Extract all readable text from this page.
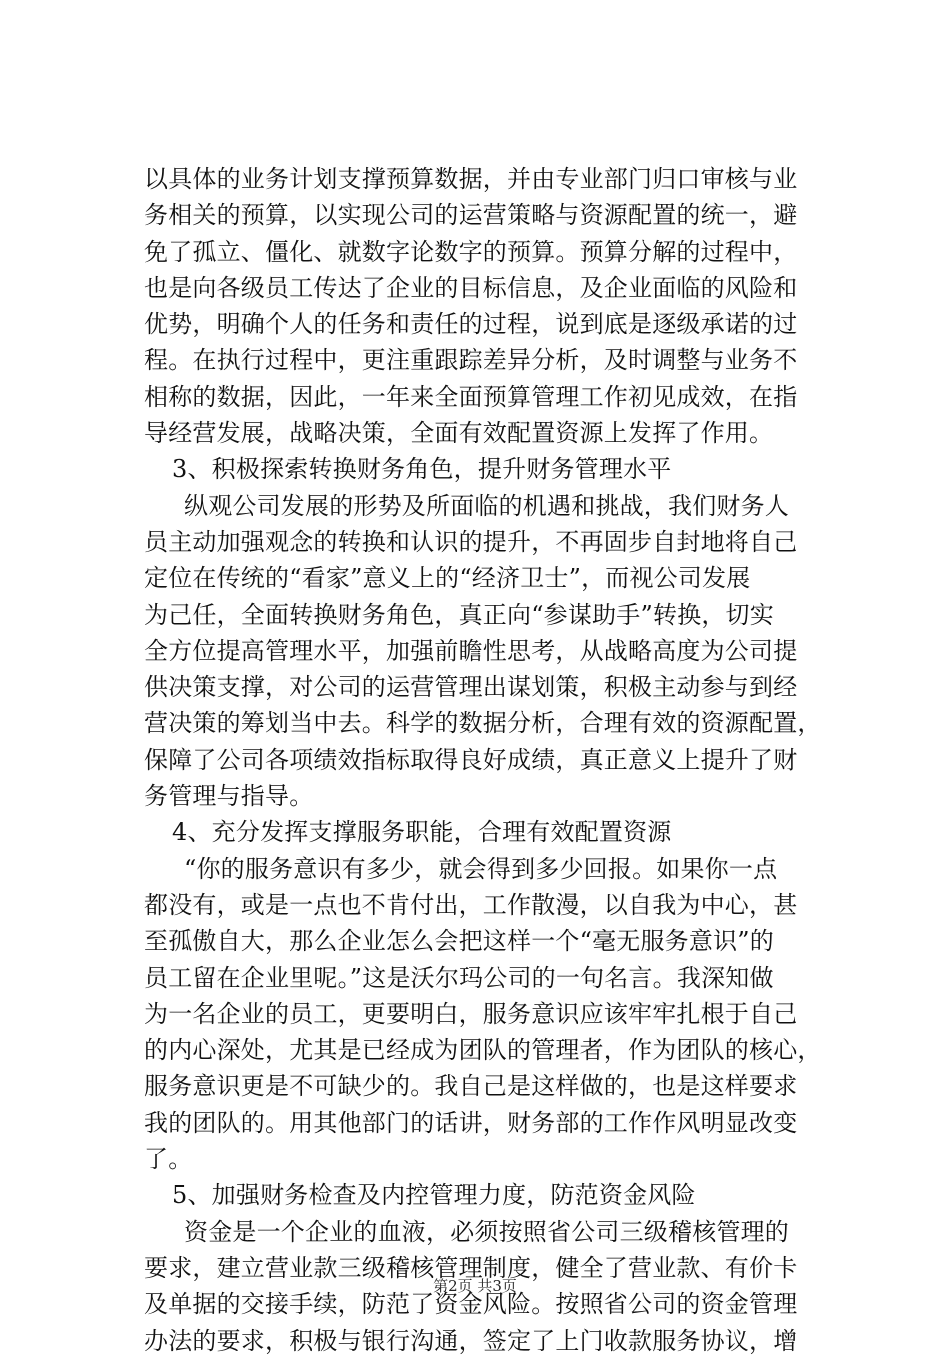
以具体的业务计划支撑预算数据，并由专业部门归口审核与业
务相关的预算，以实现公司的运营策略与资源配置的统一，避
免了孤立、僵化、就数字论数字的预算。预算分解的过程中，
也是向各级员工传达了企业的目标信息，及企业面临的风险和
优势，明确个人的任务和责任的过程，说到底是逐级承诺的过
程。在执行过程中，更注重跟踪差异分析，及时调整与业务不
相称的数据，因此，一年来全面预算管理工作初见成效，在指
导经营发展，战略决策，全面有效配置资源上发挥了作用。
3、积极探索转换财务角色，提升财务管理水平
纵观公司发展的形势及所面临的机遇和挑战，我们财务人
员主动加强观念的转换和认识的提升，不再固步自封地将自己
定位在传统的“看家”意义上的“经济卫士”，而视公司发展
为己任，全面转换财务角色，真正向“参谋助手”转换，切实
全方位提高管理水平，加强前瞻性思考，从战略高度为公司提
供决策支撑，对公司的运营管理出谋划策，积极主动参与到经
营决策的筹划当中去。科学的数据分析，合理有效的资源配置，
保障了公司各项绩效指标取得良好成绩，真正意义上提升了财
务管理与指导。
4、充分发挥支撑服务职能，合理有效配置资源
“你的服务意识有多少，就会得到多少回报。如果你一点
都没有，或是一点也不肯付出，工作散漫，以自我为中心，甚
至孤傲自大，那么企业怎么会把这样一个“毫无服务意识”的
员工留在企业里呢。”这是沃尔玛公司的一句名言。我深知做
为一名企业的员工，更要明白，服务意识应该牢牢扎根于自己
的内心深处，尤其是已经成为团队的管理者，作为团队的核心，
服务意识更是不可缺少的。我自己是这样做的，也是这样要求
我的团队的。用其他部门的话讲，财务部的工作作风明显改变
了。
5、加强财务检查及内控管理力度，防范资金风险
资金是一个企业的血液，必须按照省公司三级稽核管理的
要求，建立营业款三级稽核管理制度，健全了营业款、有价卡
及单据的交接手续，防范了资金风险。按照省公司的资金管理
办法的要求，积极与银行沟通，签定了上门收款服务协议，增
第2页 共3页
